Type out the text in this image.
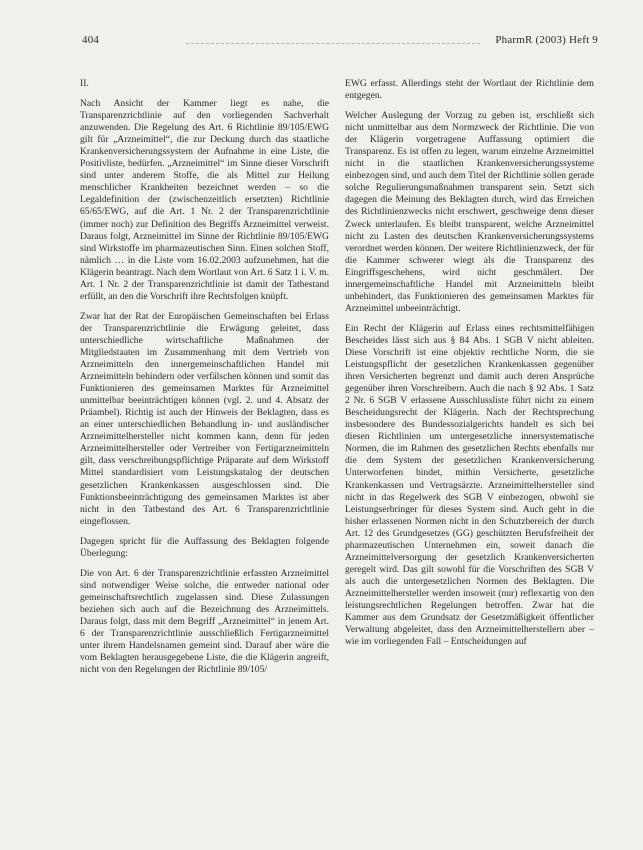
404	PharmR (2003) Heft 9

II.

Nach Ansicht der Kammer liegt es nahe, die Transparenzrichtlinie auf den vorliegenden Sachverhalt anzuwenden. Die Regelung des Art. 6 Richtlinie 89/105/EWG gilt für „Arzneimittel“, die zur Deckung durch das staatliche Krankenversicherungssystem der Aufnahme in eine Liste, die Positivliste, bedürfen. „Arzneimittel“ im Sinne dieser Vorschrift sind unter anderem Stoffe, die als Mittel zur Heilung menschlicher Krankheiten bezeichnet werden – so die Legaldefinition der (zwischenzeitlich ersetzten) Richtlinie 65/65/EWG, auf die Art. 1 Nr. 2 der Transparenzrichtlinie (immer noch) zur Definition des Begriffs Arzneimittel verweist. Daraus folgt, Arzneimittel im Sinne der Richtlinie 89/105/EWG sind Wirkstoffe im pharmazeutischen Sinn. Einen solchen Stoff, nämlich … in die Liste vom 16.02.2003 aufzunehmen, hat die Klägerin beantragt. Nach dem Wortlaut von Art. 6 Satz 1 i. V. m. Art. 1 Nr. 2 der Transparenzrichtlinie ist damit der Tatbestand erfüllt, an den die Vorschrift ihre Rechtsfolgen knüpft.

Zwar hat der Rat der Europäischen Gemeinschaften bei Erlass der Transparenzrichtlinie die Erwägung geleitet, dass unterschiedliche wirtschaftliche Maßnahmen der Mitgliedstaaten im Zusammenhang mit dem Vertrieb von Arzneimitteln den innergemeinschaftlichen Handel mit Arzneimitteln behindern oder verfälschen können und somit das Funktionieren des gemeinsamen Marktes für Arzneimittel unmittelbar beeinträchtigen können (vgl. 2. und 4. Absatz der Präambel). Richtig ist auch der Hinweis der Beklagten, dass es an einer unterschiedlichen Behandlung in- und ausländischer Arzneimittelhersteller nicht kommen kann, denn für jeden Arzneimittelhersteller oder Vertreiber von Fertigarzneimitteln gilt, dass verschreibungspflichtige Präparate auf dem Wirkstoff Mittel standardisiert vom Leistungskatalog der deutschen gesetzlichen Krankenkassen ausgeschlossen sind. Die Funktionsbeeinträchtigung des gemeinsamen Marktes ist aber nicht in den Tatbestand des Art. 6 Transparenzrichtlinie eingeflossen.

Dagegen spricht für die Auffassung des Beklagten folgende Überlegung:

Die von Art. 6 der Transparenzrichtlinie erfassten Arzneimittel sind notwendiger Weise solche, die entweder national oder gemeinschaftsrechtlich zugelassen sind. Diese Zulassungen beziehen sich auch auf die Bezeichnung des Arzneimittels. Daraus folgt, dass mit dem Begriff „Arzneimittel“ in jenem Art. 6 der Transparenzrichtlinie ausschließlich Fertigarzneimittel unter ihrem Handelsnamen gemeint sind. Darauf aber wäre die vom Beklagten herausgegebene Liste, die die Klägerin angreift, nicht von den Regelungen der Richtlinie 89/105/

EWG erfasst. Allerdings steht der Wortlaut der Richtlinie dem entgegen.

Welcher Auslegung der Vorzug zu geben ist, erschließt sich nicht unmittelbar aus dem Normzweck der Richtlinie. Die von der Klägerin vorgetragene Auffassung optimiert die Transparenz. Es ist offen zu legen, warum einzelne Arzneimittel nicht in die staatlichen Krankenversicherungssysteme einbezogen sind, und auch dem Titel der Richtlinie sollen gerade solche Regulierungsmaßnahmen transparent sein. Setzt sich dagegen die Meinung des Beklagten durch, wird das Erreichen des Richtlinienzwecks nicht erschwert, geschweige denn dieser Zweck unterlaufen. Es bleibt transparent, welche Arzneimittel nicht zu Lasten des deutschen Krankenversicherungssystems verordnet werden können. Der weitere Richtlinienzweck, der für die Kammer schwerer wiegt als die Transparenz des Eingriffsgeschehens, wird nicht geschmälert. Der innergemeinschaftliche Handel mit Arzneimitteln bleibt unbehindert, das Funktionieren des gemeinsamen Marktes für Arzneimittel unbeeinträchtigt.

Ein Recht der Klägerin auf Erlass eines rechtsmittelfähigen Bescheides lässt sich aus § 84 Abs. 1 SGB V nicht ableiten. Diese Vorschrift ist eine objektiv rechtliche Norm, die sie Leistungspflicht der gesetzlichen Krankenkassen gegenüber ihren Versicherten begrenzt und damit auch deren Ansprüche gegenüber ihren Vorschreibern. Auch die nach § 92 Abs. 1 Satz 2 Nr. 6 SGB V erlassene Ausschlussliste führt nicht zu einem Bescheidungsrecht der Klägerin. Nach der Rechtsprechung insbesondere des Bundessozialgerichts handelt es sich bei diesen Richtlinien um untergesetzliche innersystematische Normen, die im Rahmen des gesetzlichen Rechts ebenfalls nur die dem System der gesetzlichen Krankenversicherung Unterworfenen bindet, mithin Versicherte, gesetzliche Krankenkassen und Vertragsärzte. Arzneimittelhersteller sind nicht in das Regelwerk des SGB V einbezogen, obwohl sie Leistungserbringer für dieses System sind. Auch geht in die bisher erlassenen Normen nicht in den Schutzbereich der durch Art. 12 des Grundgesetzes (GG) geschützten Berufsfreiheit der pharmazeutischen Unternehmen ein, soweit danach die Arzneimittelversorgung der gesetzlich Krankenversicherten geregelt wird. Das gilt sowohl für die Vorschriften des SGB V als auch die untergesetzlichen Normen des Beklagten. Die Arzneimittelhersteller werden insoweit (nur) reflexartig von den leistungsrechtlichen Regelungen betroffen. Zwar hat die Kammer aus dem Grundsatz der Gesetzmäßigkeit öffentlicher Verwaltung abgeleitet, dass den Arzneimittelherstellern aber – wie im vorliegenden Fall – Entscheidungen auf
